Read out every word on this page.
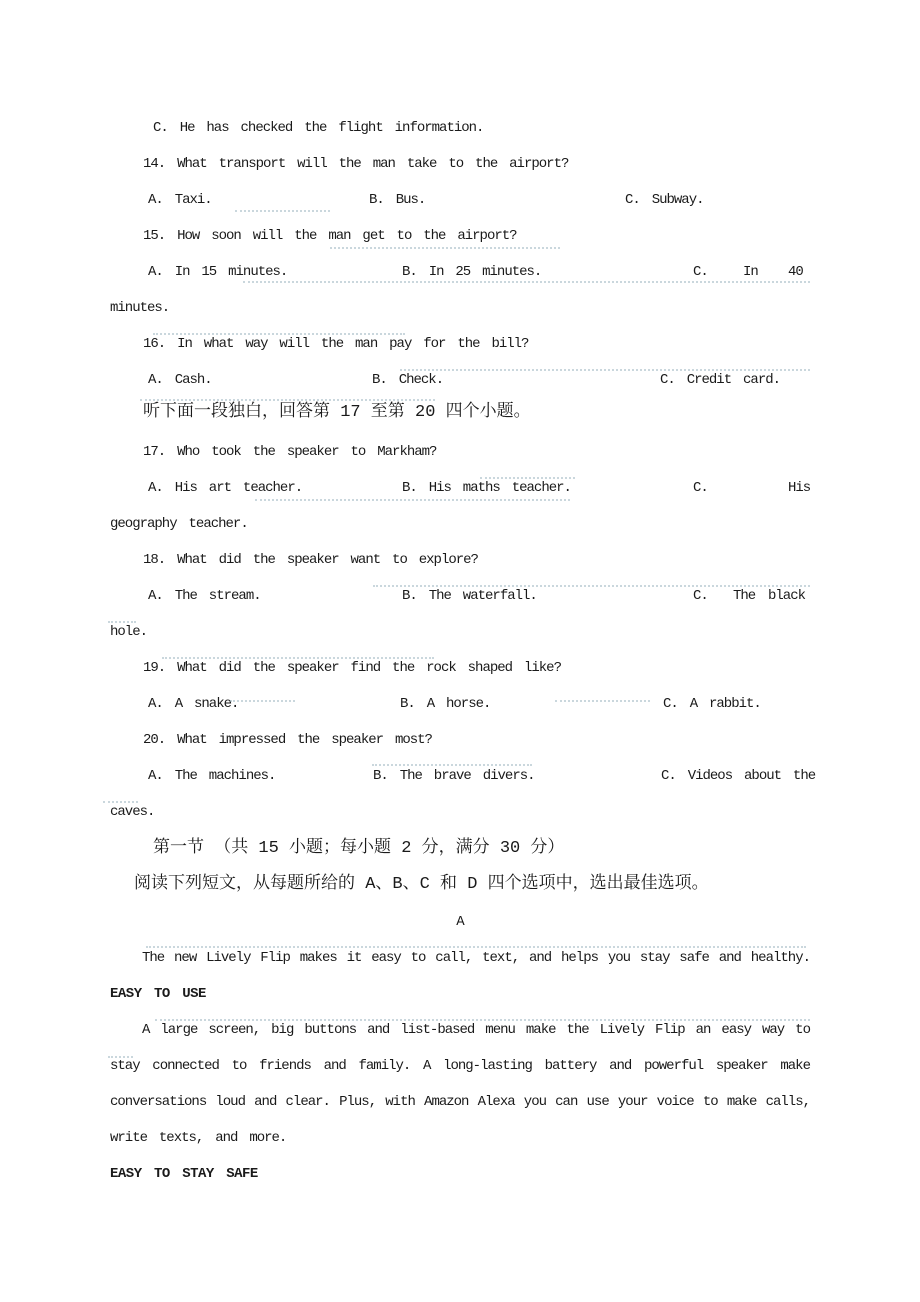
C. He has checked the flight information.
14. What transport will the man take to the airport?
A. Taxi.	B. Bus.	C. Subway.
15. How soon will the man get to the airport?
A. In 15 minutes.	B. In 25 minutes.	C.	In 40
minutes.
16. In what way will the man pay for the bill?
A. Cash.	B. Check.	C. Credit card.
听下面一段独白，回答第 17 至第 20 四个小题。
17. Who took the speaker to Markham?
A. His art teacher.	B. His maths teacher.	C.	His
geography teacher.
18. What did the speaker want to explore?
A. The stream.	B. The waterfall.	C. The black
hole.
19. What did the speaker find the rock shaped like?
A. A snake.	B. A horse.	C. A rabbit.
20. What impressed the speaker most?
A. The machines.	B. The brave divers.	C. Videos about the
caves.
第一节 （共 15 小题；每小题 2 分，满分 30 分）
阅读下列短文，从每题所给的 A、B、C 和 D 四个选项中，选出最佳选项。
A
The new Lively Flip makes it easy to call, text, and helps you stay safe and healthy.
EASY TO USE
A large screen, big buttons and list-based menu make the Lively Flip an easy way to
stay connected to friends and family. A long-lasting battery and powerful speaker make
conversations loud and clear. Plus, with Amazon Alexa you can use your voice to make calls,
write texts, and more.
EASY TO STAY SAFE
